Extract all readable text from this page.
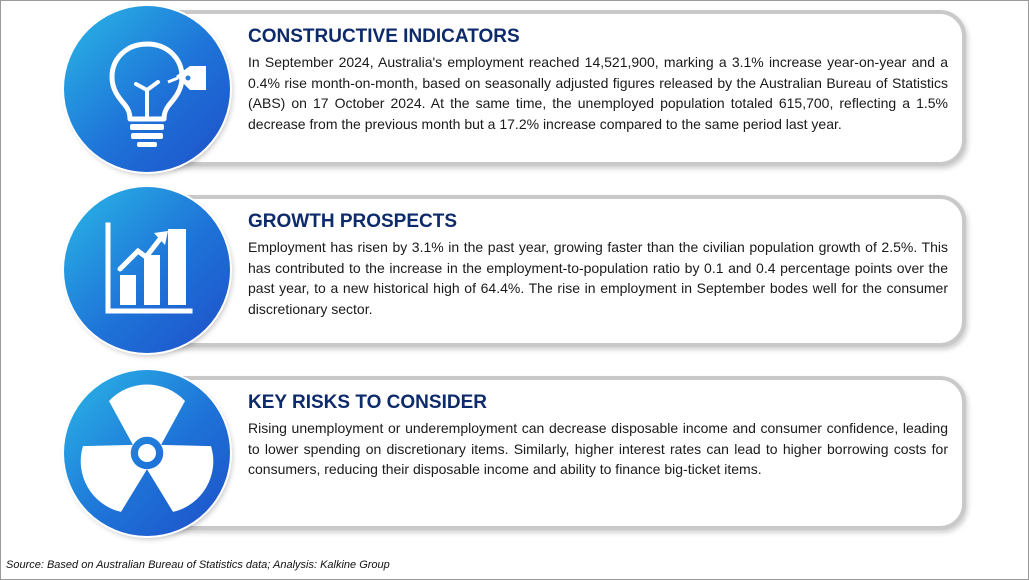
CONSTRUCTIVE INDICATORS

In September 2024, Australia's employment reached 14,521,900, marking a 3.1% increase year-on-year and a 0.4% rise month-on-month, based on seasonally adjusted figures released by the Australian Bureau of Statistics (ABS) on 17 October 2024. At the same time, the unemployed population totaled 615,700, reflecting a 1.5% decrease from the previous month but a 17.2% increase compared to the same period last year.

GROWTH PROSPECTS

Employment has risen by 3.1% in the past year, growing faster than the civilian population growth of 2.5%. This has contributed to the increase in the employment-to-population ratio by 0.1 and 0.4 percentage points over the past year, to a new historical high of 64.4%. The rise in employment in September bodes well for the consumer discretionary sector.

KEY RISKS TO CONSIDER

Rising unemployment or underemployment can decrease disposable income and consumer confidence, leading to lower spending on discretionary items. Similarly, higher interest rates can lead to higher borrowing costs for consumers, reducing their disposable income and ability to finance big-ticket items.

Source: Based on Australian Bureau of Statistics data; Analysis: Kalkine Group
